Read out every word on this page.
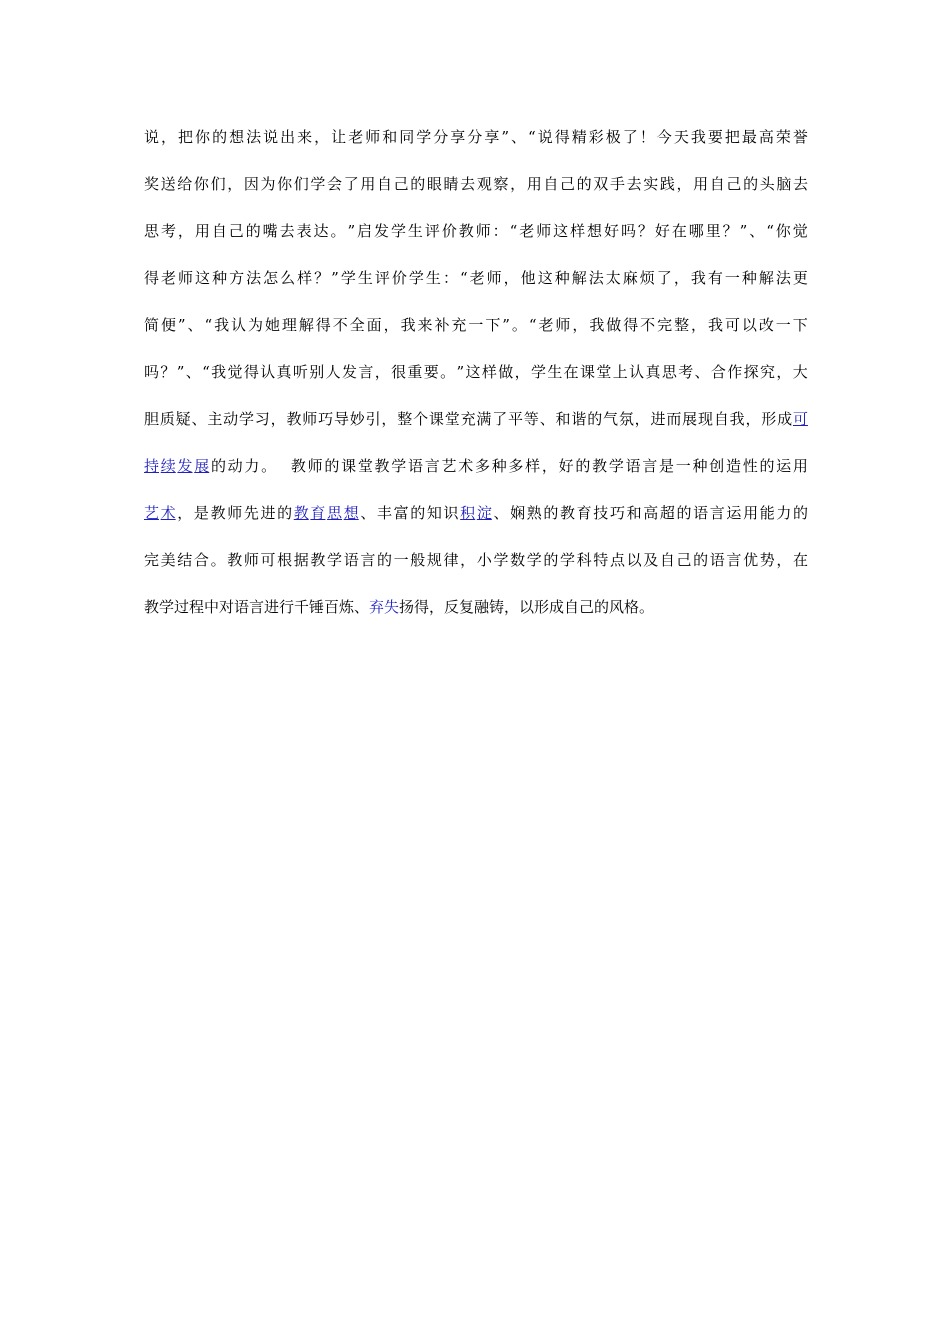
说 ， 把 你 的 想 法 说 出 来 ， 让 老 师 和 同 学 分 享 分 享 ” 、 “ 说 得 精 彩 极 了 ！ 今 天 我 要 把 最 高 荣 誉
奖 送 给 你 们 ， 因 为 你 们 学 会 了 用 自 己 的 眼 睛 去 观 察 ， 用 自 己 的 双 手 去 实 践 ， 用 自 己 的 头 脑 去
思 考 ， 用 自 己 的 嘴 去 表 达 。 ” 启 发 学 生 评 价 教 师 ： “ 老 师 这 样 想 好 吗 ？ 好 在 哪 里 ？ ” 、 “ 你 觉
得 老 师 这 种 方 法 怎 么 样 ？ ” 学 生 评 价 学 生 ： “ 老 师 ， 他 这 种 解 法 太 麻 烦 了 ， 我 有 一 种 解 法 更
简 便 ” 、 “ 我 认 为 她 理 解 得 不 全 面 ， 我 来 补 充 一 下 ” 。 “ 老 师 ， 我 做 得 不 完 整 ， 我 可 以 改 一 下
吗 ？ ” 、 “ 我 觉 得 认 真 听 别 人 发 言 ， 很 重 要 。 ” 这 样 做 ， 学 生 在 课 堂 上 认 真 思 考 、 合 作 探 究 ， 大
胆 质 疑 、 主 动 学 习 ， 教 师 巧 导 妙 引 ， 整 个 课 堂 充 满 了 平 等 、 和 谐 的 气 氛 ， 进 而 展 现 自 我 ， 形 成 可
持 续 发 展 的 动 力 。

教 师 的 课 堂 教 学 语 言 艺 术 多 种 多 样 ， 好 的 教 学 语 言 是 一 种 创 造 性 的 运 用
艺 术 ， 是 教 师 先 进 的 教 育 思 想 、 丰 富 的 知 识 积 淀 、 娴 熟 的 教 育 技 巧 和 高 超 的 语 言 运 用 能 力 的
完 美 结 合 。 教 师 可 根 据 教 学 语 言 的 一 般 规 律 ， 小 学 数 学 的 学 科 特 点 以 及 自 己 的 语 言 优 势 ， 在
教学过程中对语言进行千锤百炼、弃失扬得，反复融铸，以形成自己的风格。
